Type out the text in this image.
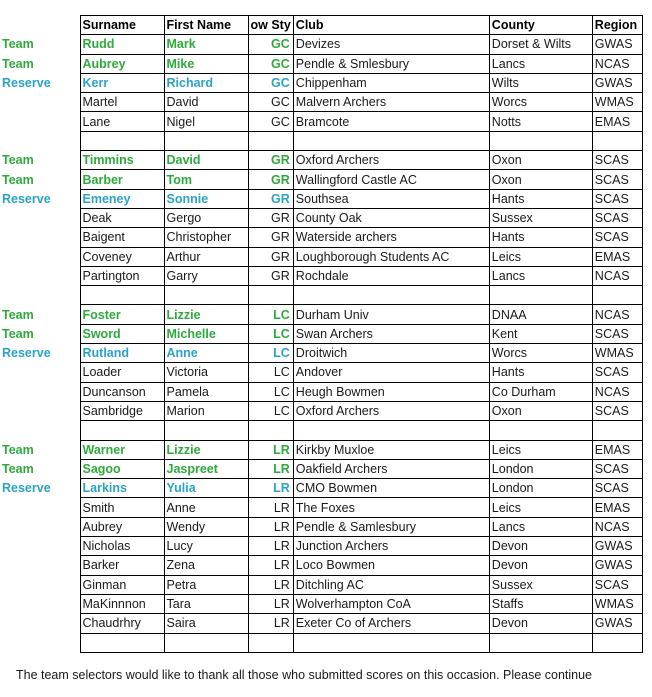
	Surname	First Name	ow Sty	Club	County	Region
Team	Rudd	Mark	GC	Devizes	Dorset & Wilts	GWAS
Team	Aubrey	Mike	GC	Pendle & Smlesbury	Lancs	NCAS
Reserve	Kerr	Richard	GC	Chippenham	Wilts	GWAS
	Martel	David	GC	Malvern Archers	Worcs	WMAS
	Lane	Nigel	GC	Bramcote	Notts	EMAS

Team	Timmins	David	GR	Oxford Archers	Oxon	SCAS
Team	Barber	Tom	GR	Wallingford Castle AC	Oxon	SCAS
Reserve	Emeney	Sonnie	GR	Southsea	Hants	SCAS
	Deak	Gergo	GR	County Oak	Sussex	SCAS
	Baigent	Christopher	GR	Waterside archers	Hants	SCAS
	Coveney	Arthur	GR	Loughborough Students AC	Leics	EMAS
	Partington	Garry	GR	Rochdale	Lancs	NCAS

Team	Foster	Lizzie	LC	Durham Univ	DNAA	NCAS
Team	Sword	Michelle	LC	Swan Archers	Kent	SCAS
Reserve	Rutland	Anne	LC	Droitwich	Worcs	WMAS
	Loader	Victoria	LC	Andover	Hants	SCAS
	Duncanson	Pamela	LC	Heugh Bowmen	Co Durham	NCAS
	Sambridge	Marion	LC	Oxford Archers	Oxon	SCAS

Team	Warner	Lizzie	LR	Kirkby Muxloe	Leics	EMAS
Team	Sagoo	Jaspreet	LR	Oakfield Archers	London	SCAS
Reserve	Larkins	Yulia	LR	CMO Bowmen	London	SCAS
	Smith	Anne	LR	The Foxes	Leics	EMAS
	Aubrey	Wendy	LR	Pendle & Samlesbury	Lancs	NCAS
	Nicholas	Lucy	LR	Junction Archers	Devon	GWAS
	Barker	Zena	LR	Loco Bowmen	Devon	GWAS
	Ginman	Petra	LR	Ditchling AC	Sussex	SCAS
	MaKinnnon	Tara	LR	Wolverhampton CoA	Staffs	WMAS
	Chaudrhry	Saira	LR	Exeter Co of Archers	Devon	GWAS

The team selectors would like to thank all those who submitted scores on this occasion. Please continue
